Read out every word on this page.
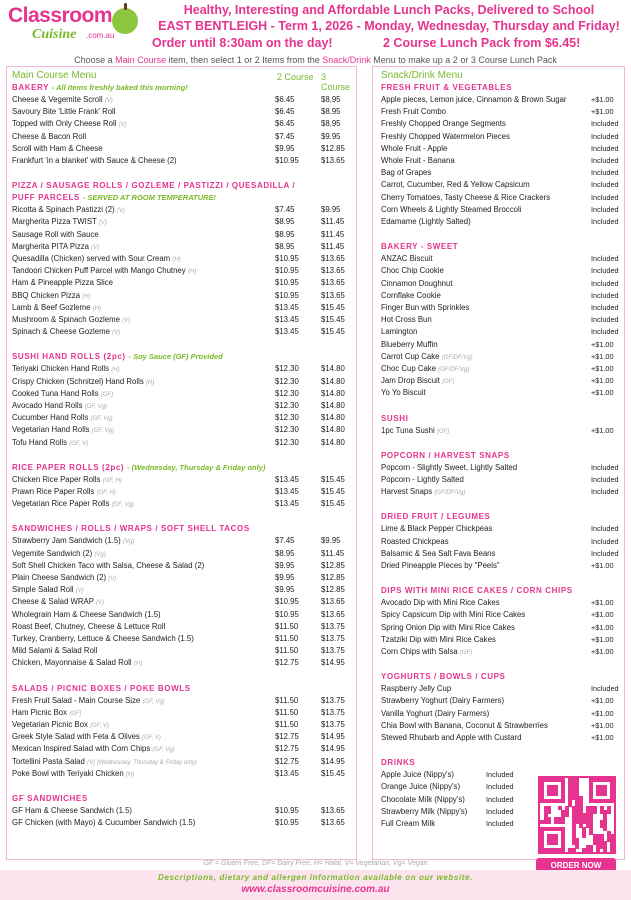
Classroom
Cuisine .com.au
Healthy, Interesting and Affordable Lunch Packs, Delivered to School
EAST BENTLEIGH - Term 1, 2026 - Monday, Wednesday, Thursday and Friday!
Order until 8:30am on the day!	2 Course Lunch Pack from $6.45!
Choose a Main Course item, then select 1 or 2 Items from the Snack/Drink Menu to make up a 2 or 3 Course Lunch Pack
Main Course Menu	2 Course 3 Course
BAKERY - All items freshly baked this morning!
Cheese & Vegemite Scroll (V)	$6.45	$8.95
Savoury Bite 'Little Frank' Roll	$6.45	$8.95
Topped with Only Cheese Roll (V)	$6.45	$8.95
Cheese & Bacon Roll	$7.45	$9.95
Scroll with Ham & Cheese	$9.95	$12.85
Frankfurt 'in a blanket' with Sauce & Cheese (2)	$10.95	$13.65
PIZZA / SAUSAGE ROLLS / GOZLEME / PASTIZZI / QUESADILLA /
PUFF PARCELS - SERVED AT ROOM TEMPERATURE!
Ricotta & Spinach Pastizzi (2) (V)	$7.45	$9.95
Margherita Pizza TWIST (V)	$8.95	$11.45
Sausage Roll with Sauce	$8.95	$11.45
Margherita PITA Pizza (V)	$8.95	$11.45
Quesadilla (Chicken) served with Sour Cream (H)	$10.95	$13.65
Tandoori Chicken Puff Parcel with Mango Chutney (H)	$10.95	$13.65
Ham & Pineapple Pizza Slice	$10.95	$13.65
BBQ Chicken Pizza (H)	$10.95	$13.65
Lamb & Beef Gozleme (H)	$13.45	$15.45
Mushroom & Spinach Gozleme (V)	$13.45	$15.45
Spinach & Cheese Gozleme (V)	$13.45	$15.45
SUSHI HAND ROLLS (2pc) - Soy Sauce (GF) Provided
Teriyaki Chicken Hand Rolls (H)	$12.30	$14.80
Crispy Chicken (Schnitzel) Hand Rolls (H)	$12.30	$14.80
Cooked Tuna Hand Rolls (GF)	$12.30	$14.80
Avocado Hand Rolls (GF, Vg)	$12.30	$14.80
Cucumber Hand Rolls (GF, Vg)	$12.30	$14.80
Vegetarian Hand Rolls (GF, Vg)	$12.30	$14.80
Tofu Hand Rolls (GF, V)	$12.30	$14.80
RICE PAPER ROLLS (2pc) - (Wednesday, Thursday & Friday only)
Chicken Rice Paper Rolls (GF, H)	$13.45	$15.45
Prawn Rice Paper Rolls (GF, H)	$13.45	$15.45
Vegetarian Rice Paper Rolls (GF, Vg)	$13.45	$15.45
SANDWICHES / ROLLS / WRAPS / SOFT SHELL TACOS
Strawberry Jam Sandwich (1.5) (Vg)	$7.45	$9.95
Vegemite Sandwich (2) (Vg)	$8.95	$11.45
Soft Shell Chicken Taco with Salsa, Cheese & Salad (2)	$9.95	$12.85
Plain Cheese Sandwich (2) (V)	$9.95	$12.85
Simple Salad Roll (V)	$9.95	$12.85
Cheese & Salad WRAP (V)	$10.95	$13.65
Wholegrain Ham & Cheese Sandwich (1.5)	$10.95	$13.65
Roast Beef, Chutney, Cheese & Lettuce Roll	$11.50	$13.75
Turkey, Cranberry, Lettuce & Cheese Sandwich (1.5)	$11.50	$13.75
Mild Salami & Salad Roll	$11.50	$13.75
Chicken, Mayonnaise & Salad Roll (H)	$12.75	$14.95
SALADS / PICNIC BOXES / POKE BOWLS
Fresh Fruit Salad - Main Course Size (GF, Vg)	$11.50	$13.75
Ham Picnic Box (GF)	$11.50	$13.75
Vegetarian Picnic Box (GF, V)	$11.50	$13.75
Greek Style Salad with Feta & Olives (GF, V)	$12.75	$14.95
Mexican Inspired Salad with Corn Chips (GF, Vg)	$12.75	$14.95
Tortellini Pasta Salad (V) (Wednesday, Thursday & Friday only)	$12.75	$14.95
Poke Bowl with Teriyaki Chicken (H)	$13.45	$15.45
GF SANDWICHES
GF Ham & Cheese Sandwich (1.5)	$10.95	$13.65
GF Chicken (with Mayo) & Cucumber Sandwich (1.5)	$10.95	$13.65
Snack/Drink Menu
FRESH FRUIT & VEGETABLES
Apple pieces, Lemon juice, Cinnamon & Brown Sugar	+$1.00
Fresh Fruit Combo	+$1.00
Freshly Chopped Orange Segments	Included
Freshly Chopped Watermelon Pieces	Included
Whole Fruit - Apple	Included
Whole Fruit - Banana	Included
Bag of Grapes	Included
Carrot, Cucumber, Red & Yellow Capsicum	Included
Cherry Tomatoes, Tasty Cheese & Rice Crackers	Included
Corn Wheels & Lightly Steamed Broccoli	Included
Edamame (Lightly Salted)	Included
BAKERY - SWEET
ANZAC Biscuit	Included
Choc Chip Cookie	Included
Cinnamon Doughnut	Included
Cornflake Cookie	Included
Finger Bun with Sprinkles	Included
Hot Cross Bun	Included
Lamington	Included
Blueberry Muffin	+$1.00
Carrot Cup Cake (GF/DF/Vg)	+$1.00
Choc Cup Cake (GF/DF/Vg)	+$1.00
Jam Drop Biscuit (GF)	+$1.00
Yo Yo Biscuit	+$1.00
SUSHI
1pc Tuna Sushi (GF)	+$1.00
POPCORN / HARVEST SNAPS
Popcorn - Slightly Sweet, Lightly Salted	Included
Popcorn - Lightly Salted	Included
Harvest Snaps (GF/DF/Vg)	Included
DRIED FRUIT / LEGUMES
Lime & Black Pepper Chickpeas	Included
Roasted Chickpeas	Included
Balsamic & Sea Salt Fava Beans	Included
Dried Pineapple Pieces by "Peels"	+$1.00
DIPS WITH MINI RICE CAKES / CORN CHIPS
Avocado Dip with Mini Rice Cakes	+$1.00
Spicy Capsicum Dip with Mini Rice Cakes	+$1.00
Spring Onion Dip with Mini Rice Cakes	+$1.00
Tzatziki Dip with Mini Rice Cakes	+$1.00
Corn Chips with Salsa (GF)	+$1.00
YOGHURTS / BOWLS / CUPS
Raspberry Jelly Cup	Included
Strawberry Yoghurt (Dairy Farmers)	+$1.00
Vanilla Yoghurt (Dairy Farmers)	+$1.00
Chia Bowl with Banana, Coconut & Strawberries	+$1.00
Stewed Rhubarb and Apple with Custard	+$1.00
DRINKS
Apple Juice (Nippy's)	Included
Orange Juice (Nippy's)	Included
Chocolate Milk (Nippy's)	Included
Strawberry Milk (Nippy's)	Included
Full Cream Milk	Included
ORDER NOW
GF = Gluten Free, DF= Dairy Free, H= Halal, V= Vegetarian, Vg= Vegan
Descriptions, dietary and allergen information available on our website.
www.classroomcuisine.com.au
